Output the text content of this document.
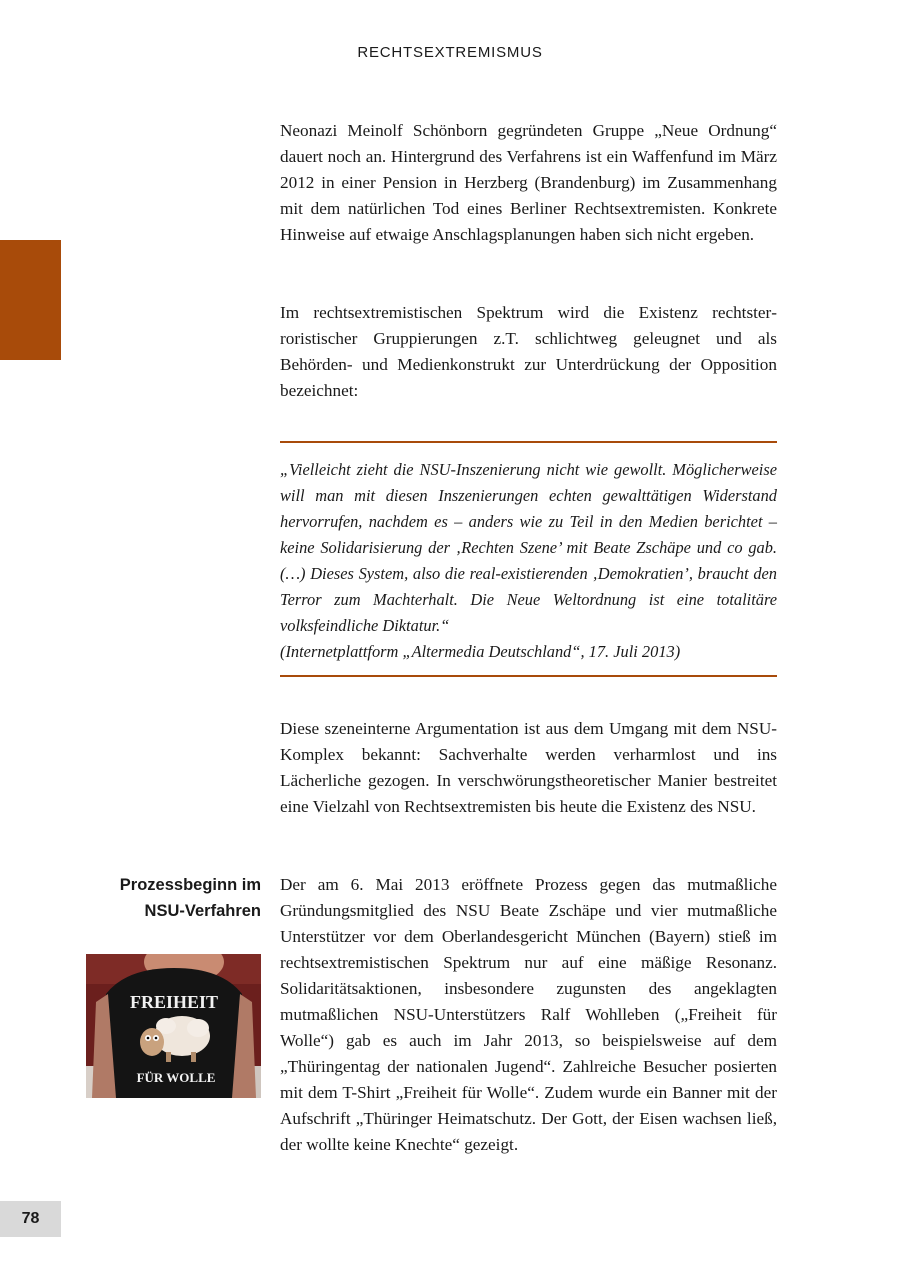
RECHTSEXTREMISMUS

Neonazi Meinolf Schönborn gegründeten Gruppe „Neue Ordnung“ dauert noch an. Hintergrund des Verfahrens ist ein Waffenfund im März 2012 in einer Pension in Herzberg (Brandenburg) im Zusammenhang mit dem natürlichen Tod eines Berliner Rechtsextremisten. Konkrete Hinweise auf etwaige Anschlagsplanungen haben sich nicht ergeben.

Im rechtsextremistischen Spektrum wird die Existenz rechtsterroristischer Gruppierungen z.T. schlichtweg geleugnet und als Behörden- und Medienkonstrukt zur Unterdrückung der Opposition bezeichnet:

„Vielleicht zieht die NSU-Inszenierung nicht wie gewollt. Möglicherweise will man mit diesen Inszenierungen echten gewalttätigen Widerstand hervorrufen, nachdem es – anders wie zu Teil in den Medien berichtet – keine Solidarisierung der ‚Rechten Szene’ mit Beate Zschäpe und co gab. (…) Dieses System, also die real-existierenden ‚Demokratien’, braucht den Terror zum Machterhalt. Die Neue Weltordnung ist eine totalitäre volksfeindliche Diktatur.“

(Internetplattform „Altermedia Deutschland“, 17. Juli 2013)

Diese szeneinterne Argumentation ist aus dem Umgang mit dem NSU-Komplex bekannt: Sachverhalte werden verharmlost und ins Lächerliche gezogen. In verschwörungstheoretischer Manier bestreitet eine Vielzahl von Rechtsextremisten bis heute die Existenz des NSU.

Prozessbeginn im
NSU-Verfahren
FREIHEIT
FÜR WOLLE

Der am 6. Mai 2013 eröffnete Prozess gegen das mutmaßliche Gründungsmitglied des NSU Beate Zschäpe und vier mutmaßliche Unterstützer vor dem Oberlandesgericht München (Bayern) stieß im rechtsextremistischen Spektrum nur auf eine mäßige Resonanz. Solidaritätsaktionen, insbesondere zugunsten des angeklagten mutmaßlichen NSU-Unterstützers Ralf Wohlleben („Freiheit für Wolle“) gab es auch im Jahr 2013, so beispielsweise auf dem „Thüringentag der nationalen Jugend“. Zahlreiche Besucher posierten mit dem T-Shirt „Freiheit für Wolle“. Zudem wurde ein Banner mit der Aufschrift „Thüringer Heimatschutz. Der Gott, der Eisen wachsen ließ, der wollte keine Knechte“ gezeigt.

78
